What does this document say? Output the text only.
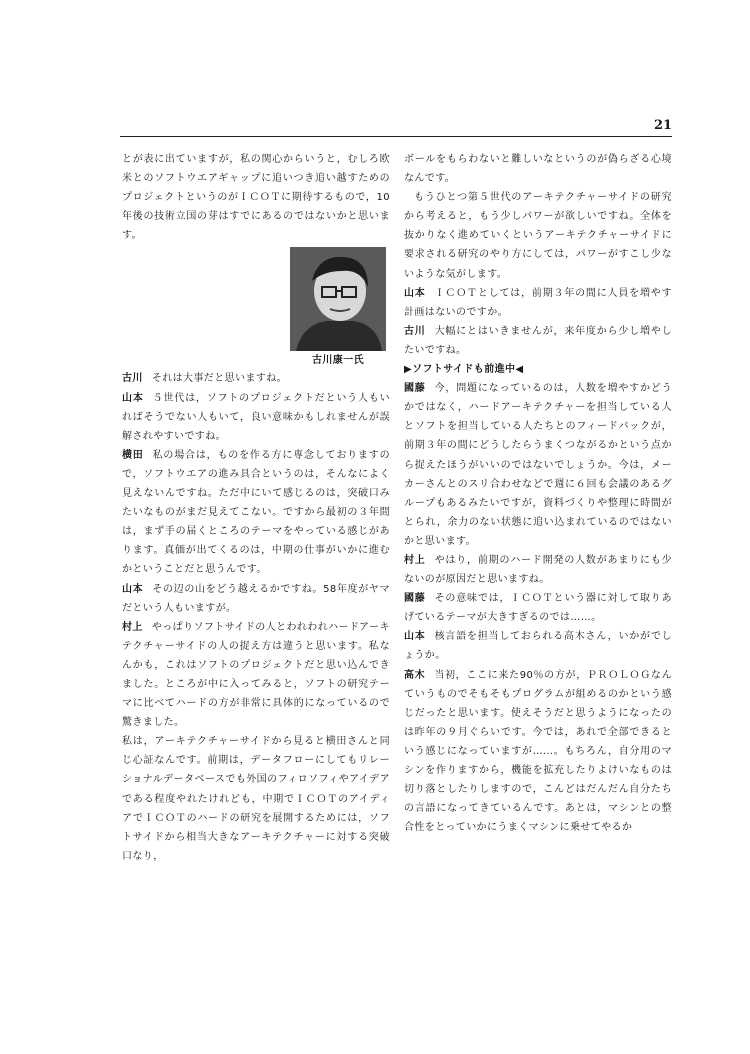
21

とが表に出ていますが，私の関心からいうと，むしろ欧米とのソフトウエアギャップに追いつき追い越すためのプロジェクトというのがＩＣＯＴに期待するもので，10年後の技術立国の芽はすでにあるのではないかと思います。

古川康一氏

古川 それは大事だと思いますね。

山本 ５世代は，ソフトのプロジェクトだという人もいればそうでない人もいて，良い意味かもしれませんが誤解されやすいですね。

横田 私の場合は，ものを作る方に専念しておりますので，ソフトウエアの進み具合というのは，そんなによく見えないんですね。ただ中にいて感じるのは，突破口みたいなものがまだ見えてこない。ですから最初の３年間は，まず手の届くところのテーマをやっている感じがあります。真価が出てくるのは，中期の仕事がいかに進むかということだと思うんです。

山本 その辺の山をどう越えるかですね。58年度がヤマだという人もいますが。

村上 やっぱりソフトサイドの人とわれわれハードアーキテクチャーサイドの人の捉え方は違うと思います。私なんかも，これはソフトのプロジェクトだと思い込んできました。ところが中に入ってみると，ソフトの研究テーマに比べてハードの方が非常に具体的になっているので驚きました。

私は，アーキテクチャーサイドから見ると横田さんと同じ心証なんです。前期は，データフローにしてもリレーショナルデータベースでも外国のフィロソフィやアイデアである程度やれたけれども，中期でＩＣＯＴのアイディアでＩＣＯＴのハードの研究を展開するためには，ソフトサイドから相当大きなアーキテクチャーに対する突破口なり，

ボールをもらわないと難しいなというのが偽らざる心境なんです。

もうひとつ第５世代のアーキテクチャーサイドの研究から考えると，もう少しパワーが欲しいですね。全体を抜かりなく進めていくというアーキテクチャーサイドに要求される研究のやり方にしては，パワーがすこし少ないような気がします。

山本 ＩＣＯＴとしては，前期３年の間に人員を増やす計画はないのですか。

古川 大幅にとはいきませんが，来年度から少し増やしたいですね。

▶ソフトサイドも前進中◀

國藤 今，問題になっているのは，人数を増やすかどうかではなく，ハードアーキテクチャーを担当している人とソフトを担当している人たちとのフィードバックが，前期３年の間にどうしたらうまくつながるかという点から捉えたほうがいいのではないでしょうか。今は，メーカーさんとのスリ合わせなどで週に６回も会議のあるグループもあるみたいですが，資料づくりや整理に時間がとられ，余力のない状態に追い込まれているのではないかと思います。

村上 やはり，前期のハード開発の人数があまりにも少ないのが原因だと思いますね。

國藤 その意味では，ＩＣＯＴという器に対して取りあげているテーマが大きすぎるのでは……。

山本 核言語を担当しておられる高木さん，いかがでしょうか。

高木 当初，ここに来た90％の方が，ＰＲＯＬＯＧなんていうものでそもそもプログラムが組めるのかという感じだったと思います。使えそうだと思うようになったのは昨年の９月ぐらいです。今では，あれで全部できるという感じになっていますが……。もちろん，自分用のマシンを作りますから，機能を拡充したりよけいなものは切り落としたりしますので，こんどはだんだん自分たちの言語になってきているんです。あとは，マシンとの整合性をとっていかにうまくマシンに乗せてやるか
